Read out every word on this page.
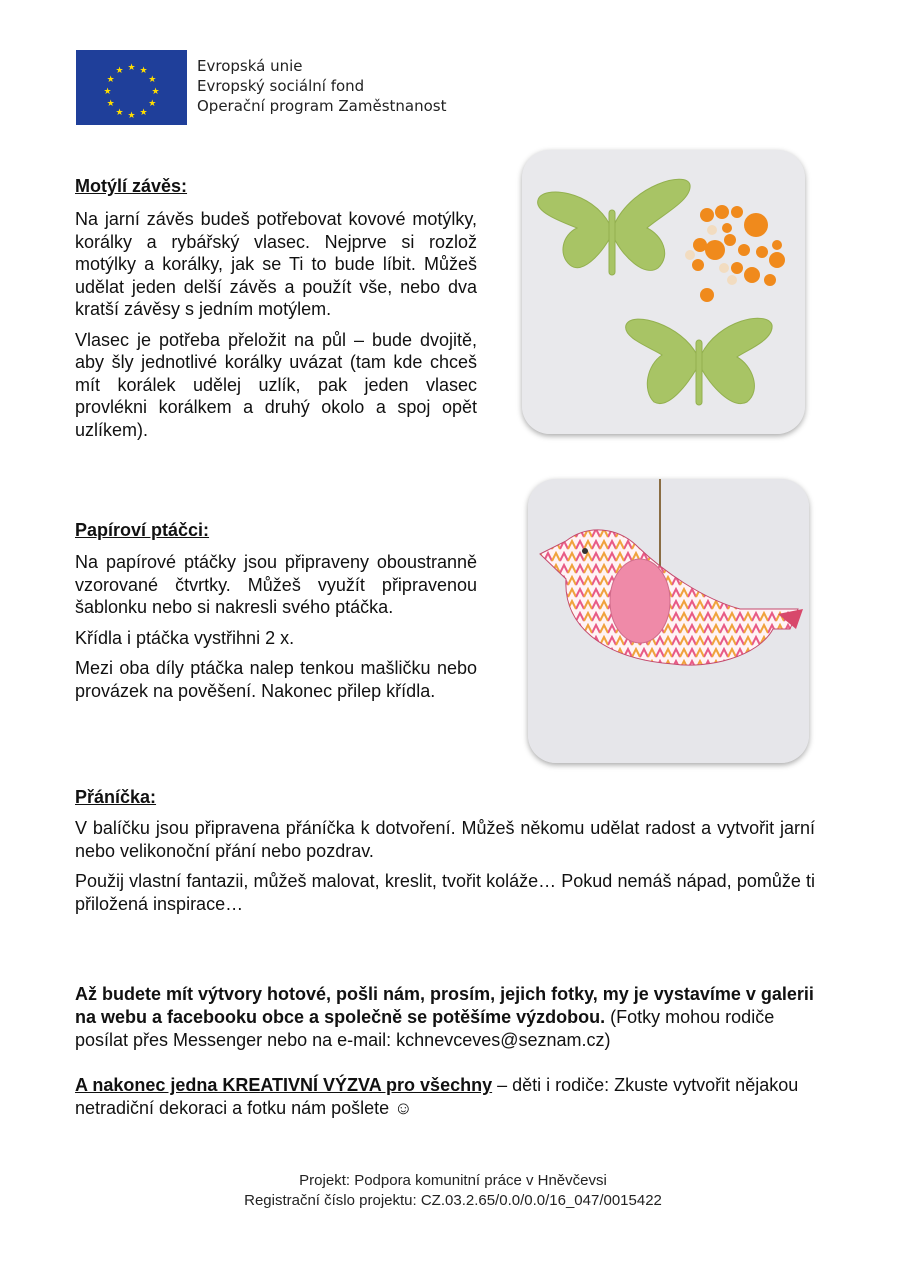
★ ★
★
★
★
★
★
★
★
★
★
★	Evropská unie
Evropský sociální fond
Operační program Zaměstnanost
Motýlí závěs:

Na jarní závěs budeš potřebovat kovové motýlky, korálky a rybářský vlasec. Nejprve si rozlož motýlky a korálky, jak se Ti to bude líbit. Můžeš udělat jeden delší závěs a použít vše, nebo dva kratší závěsy s jedním motýlem.

Vlasec je potřeba přeložit na půl – bude dvojitě, aby šly jednotlivé korálky uvázat (tam kde chceš mít korálek udělej uzlík, pak jeden vlasec provlékni korálkem a druhý okolo a spoj opět uzlíkem).

Papíroví ptáčci:

Na papírové ptáčky jsou připraveny oboustranně vzorované čtvrtky. Můžeš využít připravenou šablonku nebo si nakresli svého ptáčka.

Křídla i ptáčka vystřihni 2 x.

Mezi oba díly ptáčka nalep tenkou mašličku nebo provázek na pověšení. Nakonec přilep křídla.

Přáníčka:

V balíčku jsou připravena přáníčka k dotvoření. Můžeš někomu udělat radost a vytvořit jarní nebo velikonoční přání nebo pozdrav.

Použij vlastní fantazii, můžeš malovat, kreslit, tvořit koláže… Pokud nemáš nápad, pomůže ti přiložená inspirace…

Až budete mít výtvory hotové, pošli nám, prosím, jejich fotky, my je vystavíme v galerii na webu a facebooku obce a společně se potěšíme výzdobou. (Fotky mohou rodiče posílat přes Messenger nebo na e-mail: kchnevceves@seznam.cz)
A nakonec jedna KREATIVNÍ VÝZVA pro všechny – děti i rodiče: Zkuste vytvořit nějakou netradiční dekoraci a fotku nám pošlete ☺
Projekt: Podpora komunitní práce v Hněvčevsi
Registrační číslo projektu: CZ.03.2.65/0.0/0.0/16_047/0015422
